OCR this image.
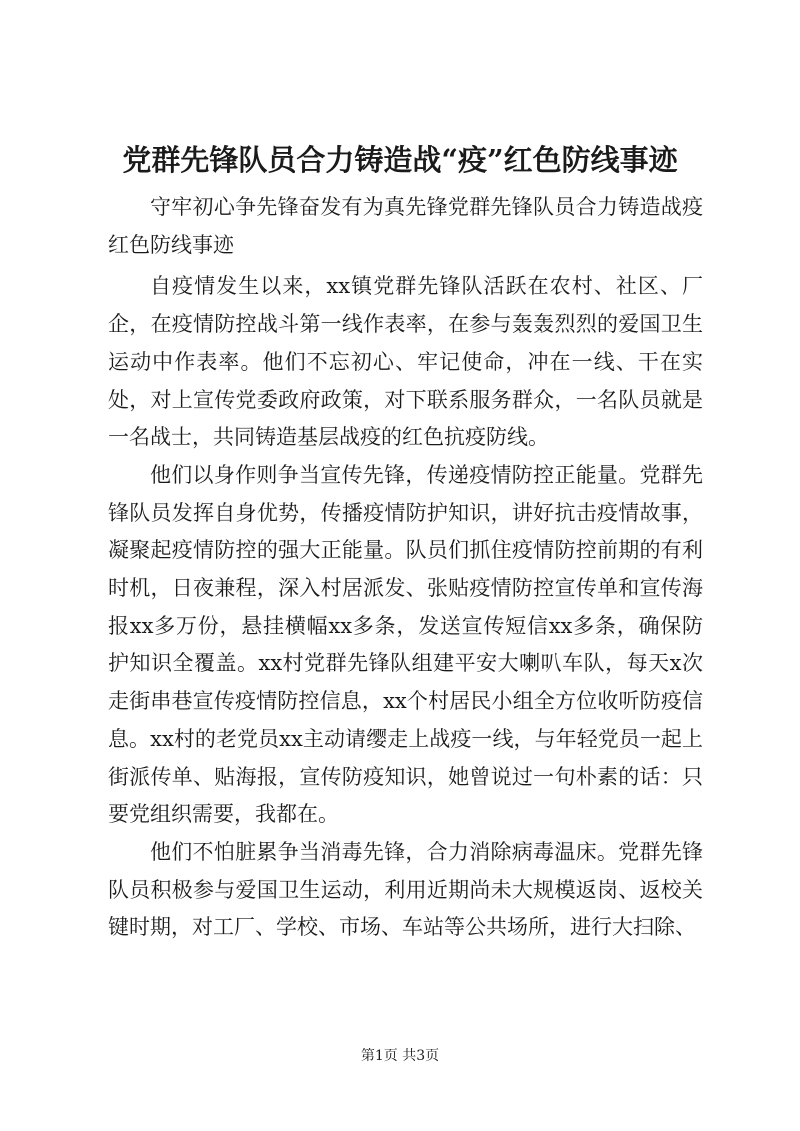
党群先锋队员合力铸造战“疫”红色防线事迹

守牢初心争先锋奋发有为真先锋党群先锋队员合力铸造战疫红色防线事迹

自疫情发生以来，xx镇党群先锋队活跃在农村、社区、厂企，在疫情防控战斗第一线作表率，在参与轰轰烈烈的爱国卫生运动中作表率。他们不忘初心、牢记使命，冲在一线、干在实处，对上宣传党委政府政策，对下联系服务群众，一名队员就是一名战士，共同铸造基层战疫的红色抗疫防线。

他们以身作则争当宣传先锋，传递疫情防控正能量。党群先锋队员发挥自身优势，传播疫情防护知识，讲好抗击疫情故事，凝聚起疫情防控的强大正能量。队员们抓住疫情防控前期的有利时机，日夜兼程，深入村居派发、张贴疫情防控宣传单和宣传海报xx多万份，悬挂横幅xx多条，发送宣传短信xx多条，确保防护知识全覆盖。xx村党群先锋队组建平安大喇叭车队，每天x次走街串巷宣传疫情防控信息，xx个村居民小组全方位收听防疫信息。xx村的老党员xx主动请缨走上战疫一线，与年轻党员一起上街派传单、贴海报，宣传防疫知识，她曾说过一句朴素的话：只要党组织需要，我都在。

他们不怕脏累争当消毒先锋，合力消除病毒温床。党群先锋队员积极参与爱国卫生运动，利用近期尚未大规模返岗、返校关键时期，对工厂、学校、市场、车站等公共场所，进行大扫除、

第1页 共3页
